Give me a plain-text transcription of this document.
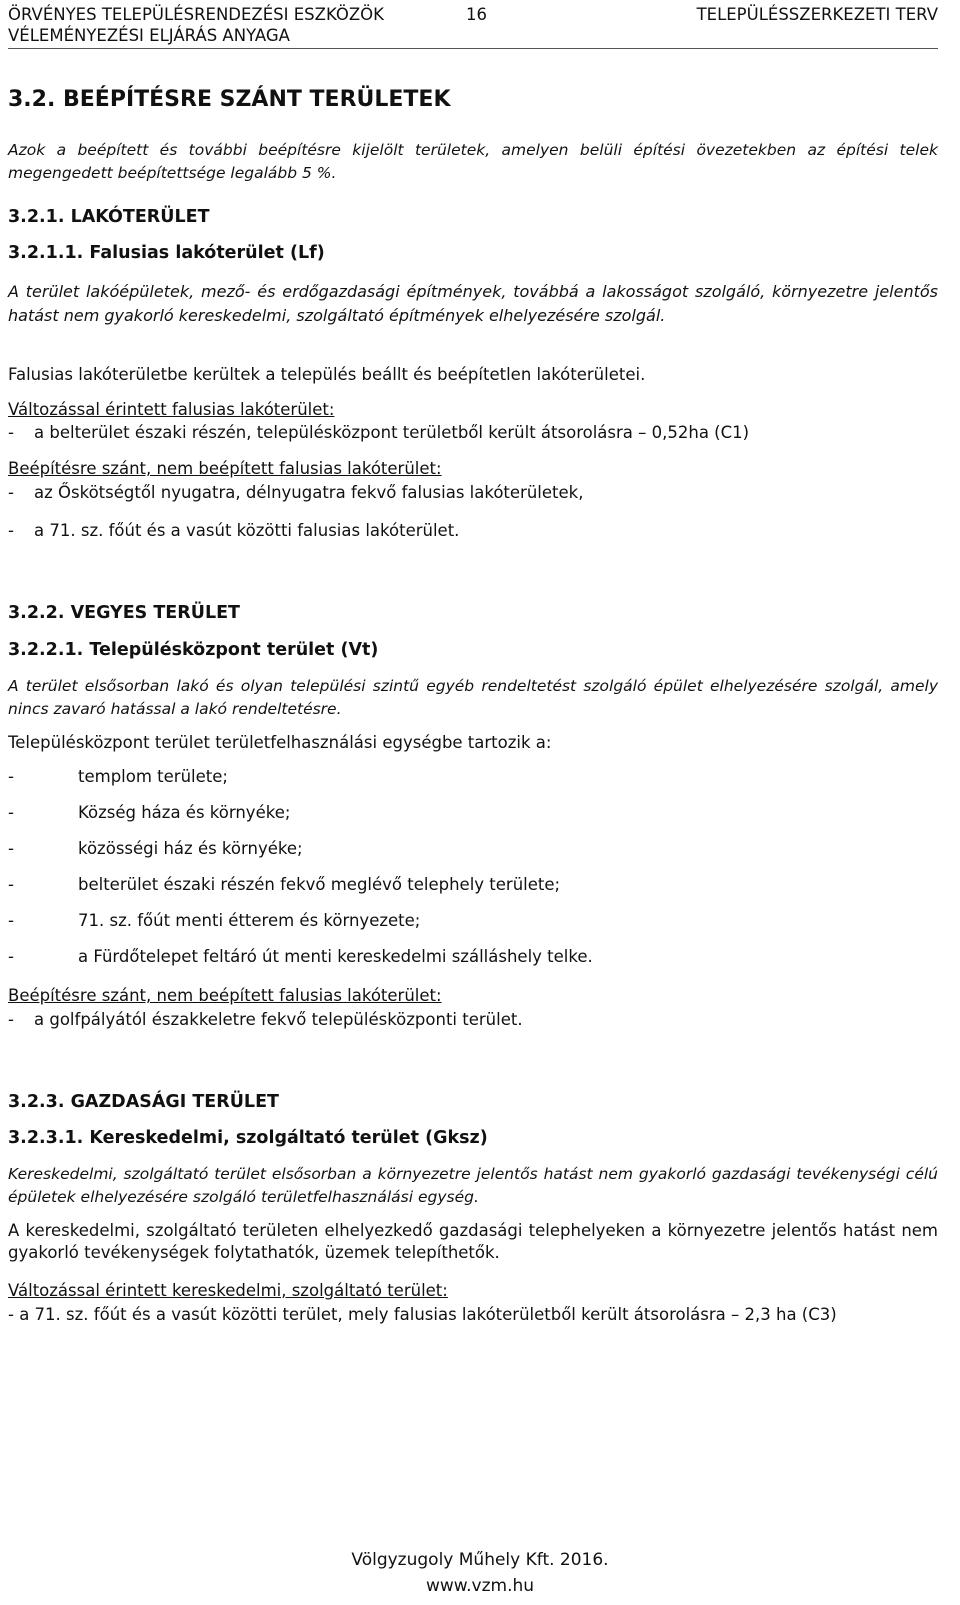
ÖRVÉNYES TELEPÜLÉSRENDEZÉSI ESZKÖZÖK	16	TELEPÜLÉSSZERKEZETI TERV
VÉLEMÉNYEZÉSI ELJÁRÁS ANYAGA
3.2. BEÉPÍTÉSRE SZÁNT TERÜLETEK
Azok a beépített és további beépítésre kijelölt területek, amelyen belüli építési övezetekben az építési telek megengedett beépítettsége legalább 5 %.
3.2.1. LAKÓTERÜLET
3.2.1.1. Falusias lakóterület (Lf)
A terület lakóépületek, mező- és erdőgazdasági építmények, továbbá a lakosságot szolgáló, környezetre jelentős hatást nem gyakorló kereskedelmi, szolgáltató építmények elhelyezésére szolgál.
Falusias lakóterületbe kerültek a település beállt és beépítetlen lakóterületei.
Változással érintett falusias lakóterület:
- a belterület északi részén, településközpont területből került átsorolásra – 0,52ha (C1)
Beépítésre szánt, nem beépített falusias lakóterület:
- az Őskötségtől nyugatra, délnyugatra fekvő falusias lakóterületek,
- a 71. sz. főút és a vasút közötti falusias lakóterület.
3.2.2. VEGYES TERÜLET
3.2.2.1. Településközpont terület (Vt)
A terület elsősorban lakó és olyan települési szintű egyéb rendeltetést szolgáló épület elhelyezésére szolgál, amely nincs zavaró hatással a lakó rendeltetésre.
Településközpont terület területfelhasználási egységbe tartozik a:
-	templom területe;
-	Község háza és környéke;
-	közösségi ház és környéke;
-	belterület északi részén fekvő meglévő telephely területe;
-	71. sz. főút menti étterem és környezete;
-	a Fürdőtelepet feltáró út menti kereskedelmi szálláshely telke.
Beépítésre szánt, nem beépített falusias lakóterület:
- a golfpályától északkeletre fekvő településközponti terület.
3.2.3. GAZDASÁGI TERÜLET
3.2.3.1. Kereskedelmi, szolgáltató terület (Gksz)
Kereskedelmi, szolgáltató terület elsősorban a környezetre jelentős hatást nem gyakorló gazdasági tevékenységi célú épületek elhelyezésére szolgáló területfelhasználási egység.
A kereskedelmi, szolgáltató területen elhelyezkedő gazdasági telephelyeken a környezetre jelentős hatást nem gyakorló tevékenységek folytathatók, üzemek telepíthetők.
Változással érintett kereskedelmi, szolgáltató terület:
- a 71. sz. főút és a vasút közötti terület, mely falusias lakóterületből került átsorolásra – 2,3 ha (C3)
Völgyzugoly Műhely Kft. 2016.
www.vzm.hu
